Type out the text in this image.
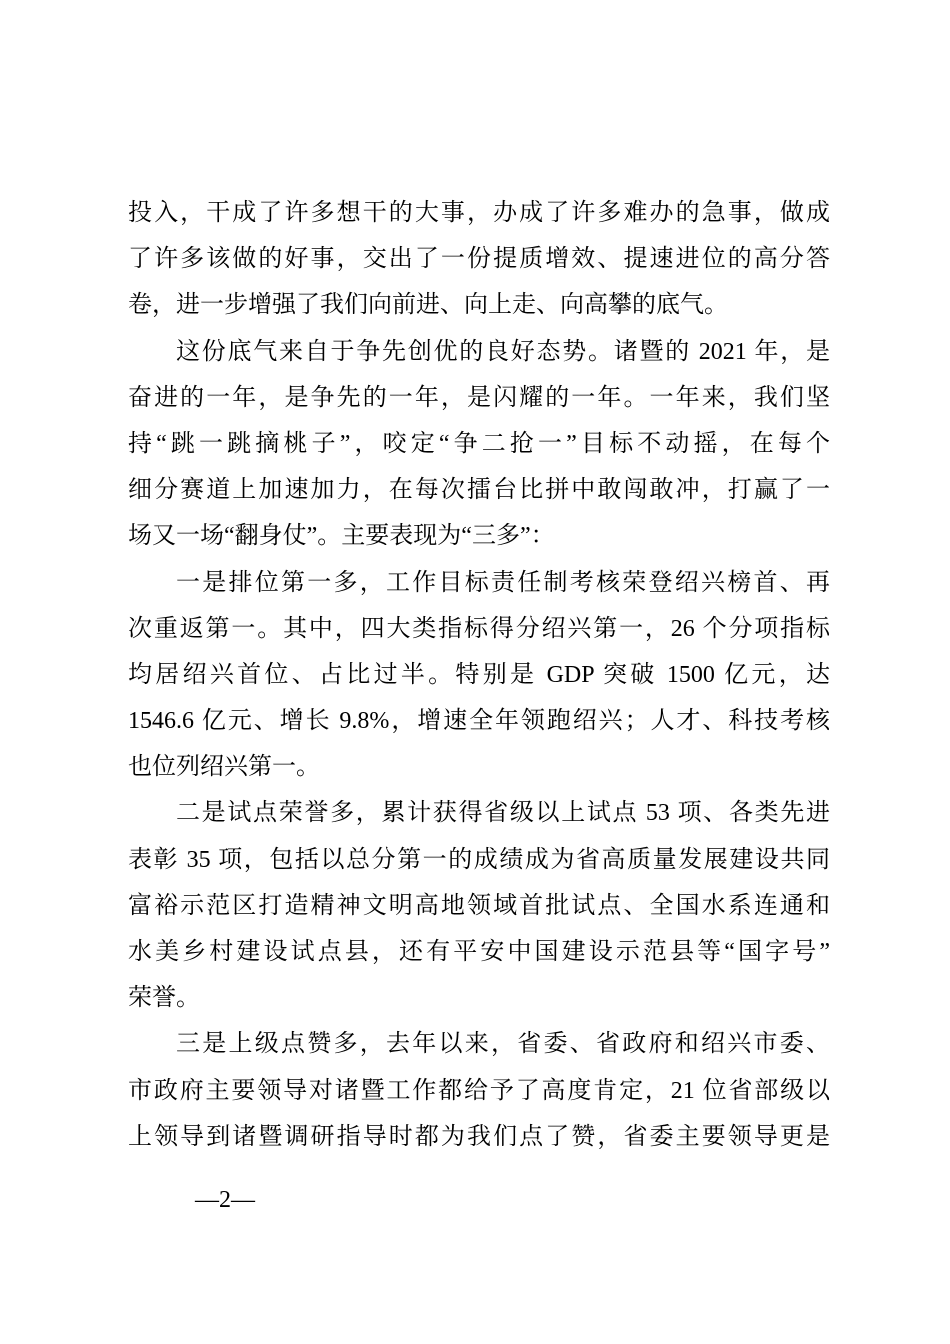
投入，干成了许多想干的大事，办成了许多难办的急事，做成
了许多该做的好事，交出了一份提质增效、提速进位的高分答
卷，进一步增强了我们向前进、向上走、向高攀的底气。
这份底气来自于争先创优的良好态势。诸暨的 2021 年，是
奋进的一年，是争先的一年，是闪耀的一年。一年来，我们坚
持“跳一跳摘桃子”，咬定“争二抢一”目标不动摇，在每个
细分赛道上加速加力，在每次擂台比拼中敢闯敢冲，打赢了一
场又一场“翻身仗”。主要表现为“三多”：
一是排位第一多，工作目标责任制考核荣登绍兴榜首、再
次重返第一。其中，四大类指标得分绍兴第一，26 个分项指标
均居绍兴首位、占比过半。特别是 GDP 突破 1500 亿元，达
1546.6 亿元、增长 9.8%，增速全年领跑绍兴；人才、科技考核
也位列绍兴第一。
二是试点荣誉多，累计获得省级以上试点 53 项、各类先进
表彰 35 项，包括以总分第一的成绩成为省高质量发展建设共同
富裕示范区打造精神文明高地领域首批试点、全国水系连通和
水美乡村建设试点县，还有平安中国建设示范县等“国字号”
荣誉。
三是上级点赞多，去年以来，省委、省政府和绍兴市委、
市政府主要领导对诸暨工作都给予了高度肯定，21 位省部级以
上领导到诸暨调研指导时都为我们点了赞，省委主要领导更是
—2—
